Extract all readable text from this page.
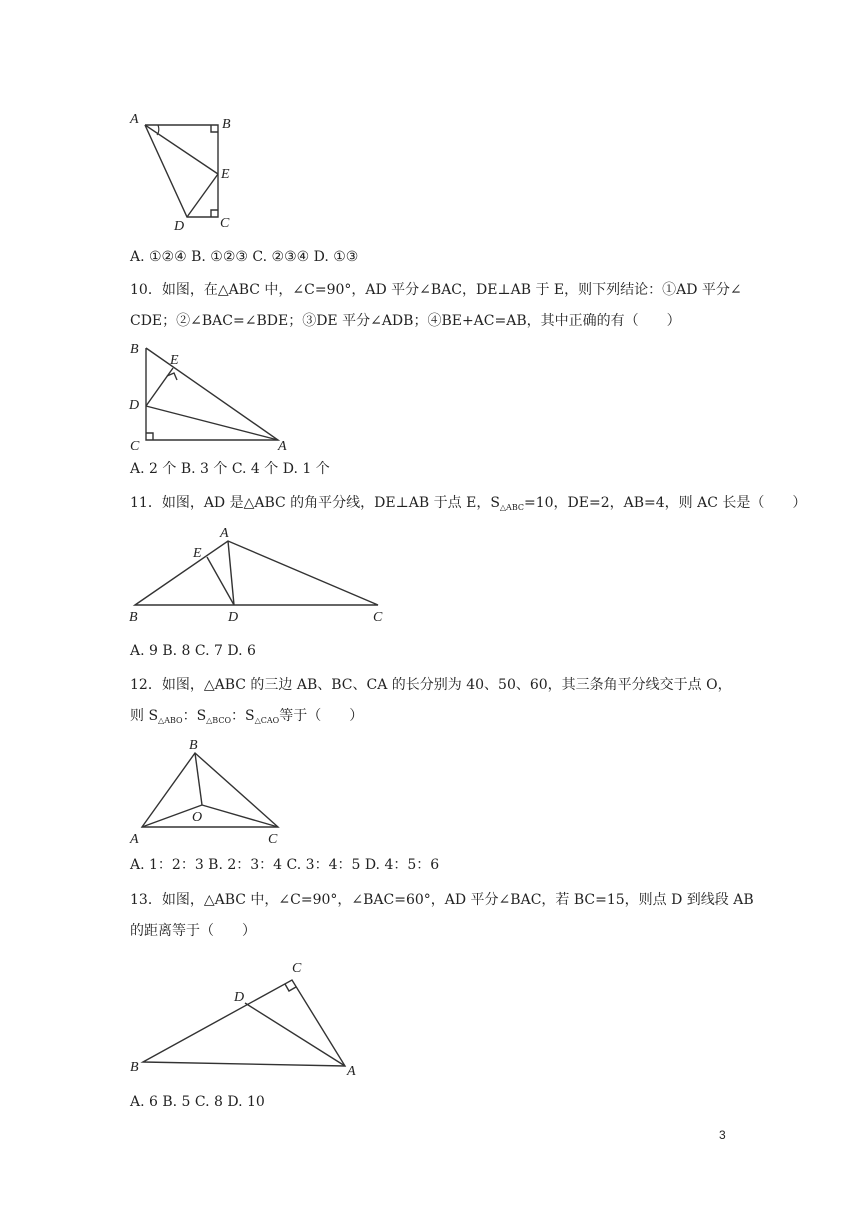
A	B
E
D	C
A. ①②④ B. ①②③ C. ②③④ D. ①③
10．如图，在△ABC 中，∠C=90°，AD 平分∠BAC，DE⊥AB 于 E，则下列结论：①AD 平分∠
CDE；②∠BAC=∠BDE；③DE 平分∠ADB；④BE+AC=AB，其中正确的有（　　）
B
E
D
C	A
A. 2 个 B. 3 个 C. 4 个 D. 1 个
11．如图，AD 是△ABC 的角平分线，DE⊥AB 于点 E，$S_{\triangle ABC}=10$，DE=2，AB=4，则 AC 长是（　　）
A
E
B	D	C
A. 9 B. 8 C. 7 D. 6
12．如图，△ABC 的三边 AB、BC、CA 的长分别为 40、50、60，其三条角平分线交于点 O，
则 $S_{\triangle ABO}$：$S_{\triangle BCO}$：$S_{\triangle CAO}$等于（　　）
B
O
A	C
A. 1：2：3 B. 2：3：4 C. 3：4：5 D. 4：5：6
13．如图，△ABC 中，∠C=90°，∠BAC=60°，AD 平分∠BAC，若 BC=15，则点 D 到线段 AB
的距离等于（　　）
C
D
B	A
A. 6 B. 5 C. 8 D. 10
3
